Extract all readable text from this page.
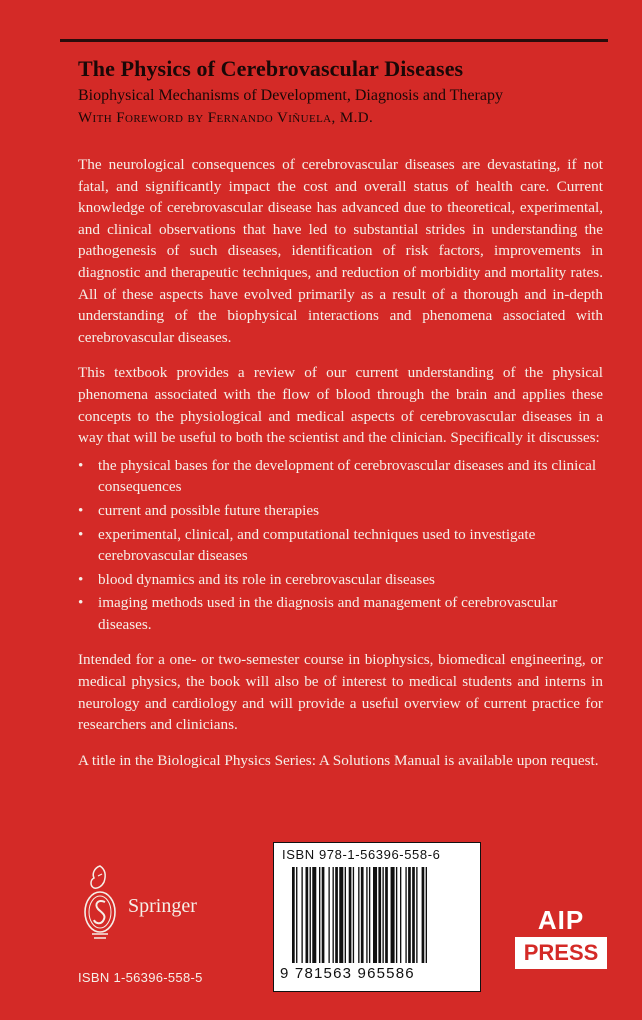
The Physics of Cerebrovascular Diseases
Biophysical Mechanisms of Development, Diagnosis and Therapy
With Foreword by Fernando Viñuela, M.D.

The neurological consequences of cerebrovascular diseases are devastating, if not fatal, and significantly impact the cost and overall status of health care. Current knowledge of cerebrovascular disease has advanced due to theoretical, experimental, and clinical observations that have led to substantial strides in understanding the pathogenesis of such diseases, identification of risk factors, improvements in diagnostic and therapeutic techniques, and reduction of morbidity and mortality rates. All of these aspects have evolved primarily as a result of a thorough and in-depth understanding of the biophysical interactions and phenomena associated with cerebrovascular diseases.

This textbook provides a review of our current understanding of the physical phenomena associated with the flow of blood through the brain and applies these concepts to the physiological and medical aspects of cerebrovascular diseases in a way that will be useful to both the scientist and the clinician. Specifically it discusses:

• the physical bases for the development of cerebrovascular diseases and its clinical consequences
• current and possible future therapies
• experimental, clinical, and computational techniques used to investigate cerebrovascular diseases
• blood dynamics and its role in cerebrovascular diseases
• imaging methods used in the diagnosis and management of cerebrovascular diseases.

Intended for a one- or two-semester course in biophysics, biomedical engineering, or medical physics, the book will also be of interest to medical students and interns in neurology and cardiology and will provide a useful overview of current practice for researchers and clinicians.

A title in the Biological Physics Series: A Solutions Manual is available upon request.

Springer
ISBN 1-56396-558-5
ISBN 978-1-56396-558-6
9 781563 965586
AIP
PRESS
